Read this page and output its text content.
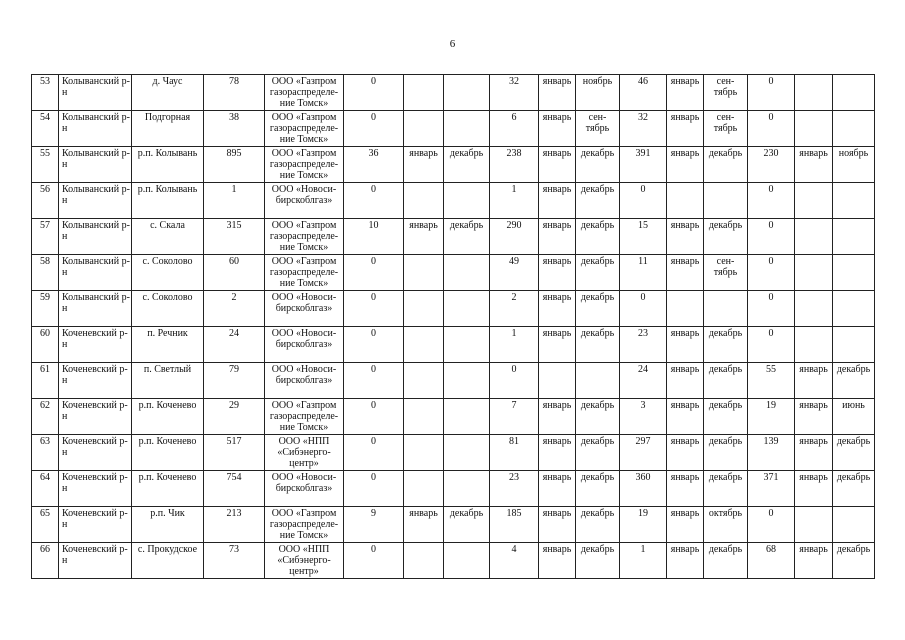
6
53	Колыванский р-н	д. Чаус	78	ООО «Газпром газораспределе-ние Томск»	0			32	январь	ноябрь	46	январь	сен-тябрь	0		
54	Колыванский р-н	Подгорная	38	ООО «Газпром газораспределе-ние Томск»	0			6	январь	сен-тябрь	32	январь	сен-тябрь	0		
55	Колыванский р-н	р.п. Колывань	895	ООО «Газпром газораспределе-ние Томск»	36	январь	декабрь	238	январь	декабрь	391	январь	декабрь	230	январь	ноябрь
56	Колыванский р-н	р.п. Колывань	1	ООО «Новоси-бирскоблгаз»	0			1	январь	декабрь	0			0		
57	Колыванский р-н	с. Скала	315	ООО «Газпром газораспределе-ние Томск»	10	январь	декабрь	290	январь	декабрь	15	январь	декабрь	0		
58	Колыванский р-н	с. Соколово	60	ООО «Газпром газораспределе-ние Томск»	0			49	январь	декабрь	11	январь	сен-тябрь	0		
59	Колыванский р-н	с. Соколово	2	ООО «Новоси-бирскоблгаз»	0			2	январь	декабрь	0			0		
60	Коченевский р-н	п. Речник	24	ООО «Новоси-бирскоблгаз»	0			1	январь	декабрь	23	январь	декабрь	0		
61	Коченевский р-н	п. Светлый	79	ООО «Новоси-бирскоблгаз»	0			0			24	январь	декабрь	55	январь	декабрь
62	Коченевский р-н	р.п. Коченево	29	ООО «Газпром газораспределе-ние Томск»	0			7	январь	декабрь	3	январь	декабрь	19	январь	июнь
63	Коченевский р-н	р.п. Коченево	517	ООО «НПП «Сибэнерго-центр»	0			81	январь	декабрь	297	январь	декабрь	139	январь	декабрь
64	Коченевский р-н	р.п. Коченево	754	ООО «Новоси-бирскоблгаз»	0			23	январь	декабрь	360	январь	декабрь	371	январь	декабрь
65	Коченевский р-н	р.п. Чик	213	ООО «Газпром газораспределе-ние Томск»	9	январь	декабрь	185	январь	декабрь	19	январь	октябрь	0		
66	Коченевский р-н	с. Прокудское	73	ООО «НПП «Сибэнерго-центр»	0			4	январь	декабрь	1	январь	декабрь	68	январь	декабрь
